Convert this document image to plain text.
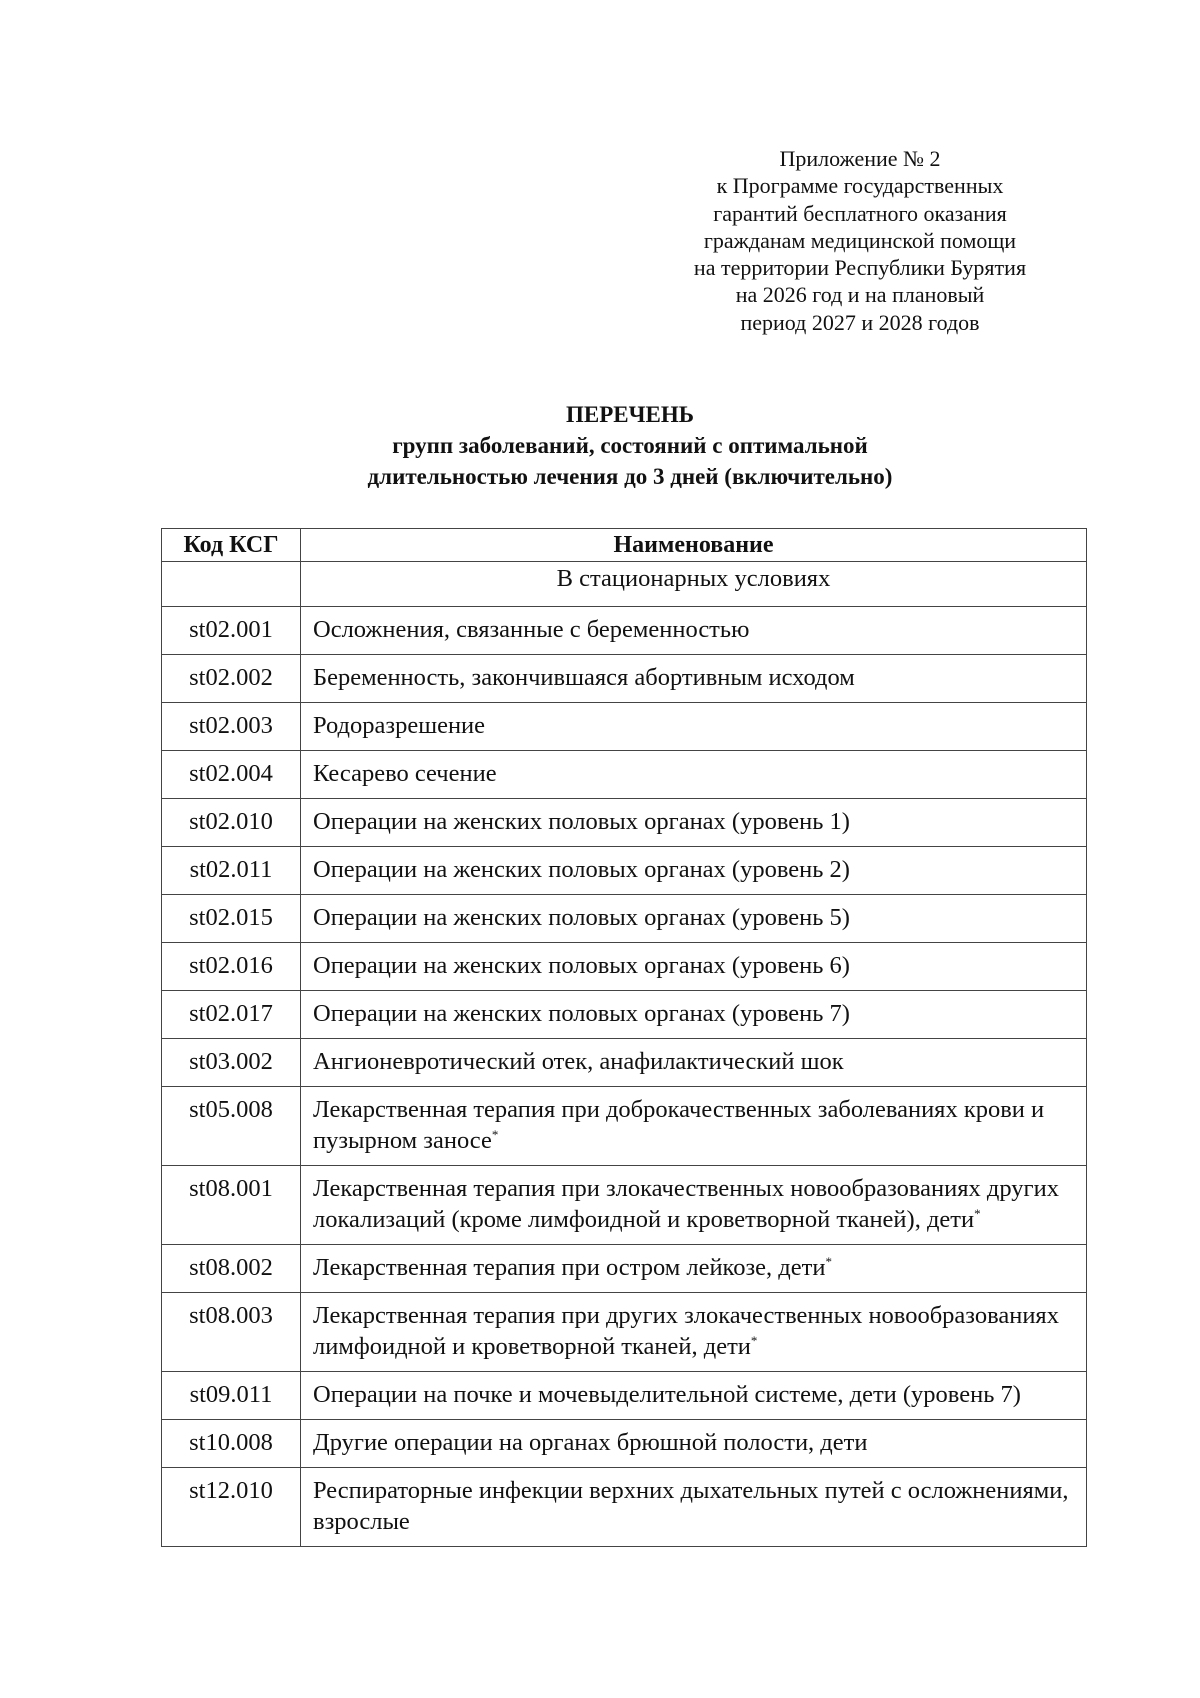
Приложение № 2
к Программе государственных
гарантий бесплатного оказания
гражданам медицинской помощи
на территории Республики Бурятия
на 2026 год и на плановый
период 2027 и 2028 годов
ПЕРЕЧЕНЬ
групп заболеваний, состояний с оптимальной
длительностью лечения до 3 дней (включительно)
Код КСГ	Наименование
	В стационарных условиях
st02.001	Осложнения, связанные с беременностью
st02.002	Беременность, закончившаяся абортивным исходом
st02.003	Родоразрешение
st02.004	Кесарево сечение
st02.010	Операции на женских половых органах (уровень 1)
st02.011	Операции на женских половых органах (уровень 2)
st02.015	Операции на женских половых органах (уровень 5)
st02.016	Операции на женских половых органах (уровень 6)
st02.017	Операции на женских половых органах (уровень 7)
st03.002	Ангионевротический отек, анафилактический шок
st05.008	Лекарственная терапия при доброкачественных заболеваниях крови и пузырном заносе*
st08.001	Лекарственная терапия при злокачественных новообразованиях других локализаций (кроме лимфоидной и кроветворной тканей), дети*
st08.002	Лекарственная терапия при остром лейкозе, дети*
st08.003	Лекарственная терапия при других злокачественных новообразованиях лимфоидной и кроветворной тканей, дети*
st09.011	Операции на почке и мочевыделительной системе, дети (уровень 7)
st10.008	Другие операции на органах брюшной полости, дети
st12.010	Респираторные инфекции верхних дыхательных путей с осложнениями, взрослые
